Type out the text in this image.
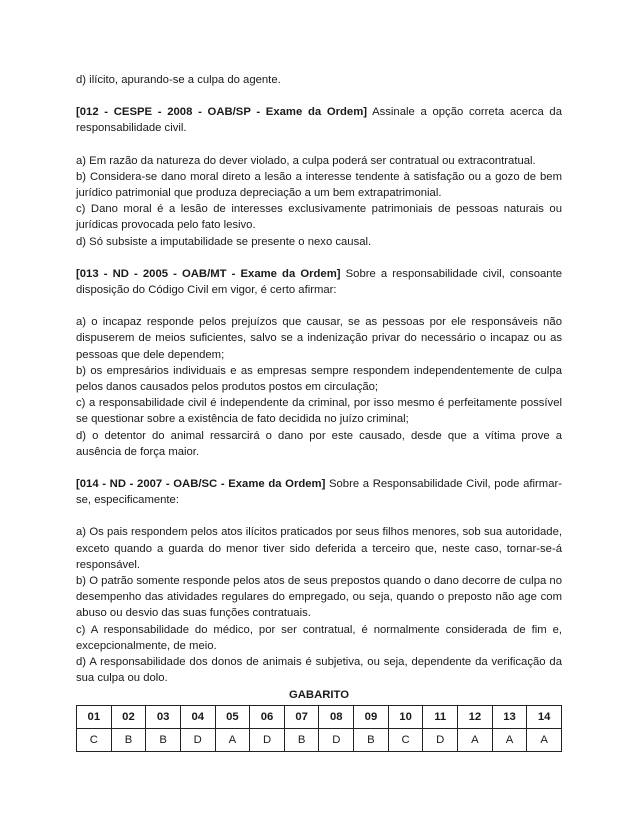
d) ilícito, apurando-se a culpa do agente.

[012 - CESPE - 2008 - OAB/SP - Exame da Ordem] Assinale a opção correta acerca da responsabilidade civil.

a) Em razão da natureza do dever violado, a culpa poderá ser contratual ou extracontratual.

b) Considera-se dano moral direto a lesão a interesse tendente à satisfação ou a gozo de bem jurídico patrimonial que produza depreciação a um bem extrapatrimonial.

c) Dano moral é a lesão de interesses exclusivamente patrimoniais de pessoas naturais ou jurídicas provocada pelo fato lesivo.

d) Só subsiste a imputabilidade se presente o nexo causal.

[013 - ND - 2005 - OAB/MT - Exame da Ordem] Sobre a responsabilidade civil, consoante disposição do Código Civil em vigor, é certo afirmar:

a) o incapaz responde pelos prejuízos que causar, se as pessoas por ele responsáveis não dispuserem de meios suficientes, salvo se a indenização privar do necessário o incapaz ou as pessoas que dele dependem;

b) os empresários individuais e as empresas sempre respondem independentemente de culpa pelos danos causados pelos produtos postos em circulação;

c) a responsabilidade civil é independente da criminal, por isso mesmo é perfeitamente possível se questionar sobre a existência de fato decidida no juízo criminal;

d) o detentor do animal ressarcirá o dano por este causado, desde que a vítima prove a ausência de força maior.

[014 - ND - 2007 - OAB/SC - Exame da Ordem] Sobre a Responsabilidade Civil, pode afirmar-se, especificamente:

a) Os pais respondem pelos atos ilícitos praticados por seus filhos menores, sob sua autoridade, exceto quando a guarda do menor tiver sido deferida a terceiro que, neste caso, tornar-se-á responsável.

b) O patrão somente responde pelos atos de seus prepostos quando o dano decorre de culpa no desempenho das atividades regulares do empregado, ou seja, quando o preposto não age com abuso ou desvio das suas funções contratuais.

c) A responsabilidade do médico, por ser contratual, é normalmente considerada de fim e, excepcionalmente, de meio.

d) A responsabilidade dos donos de animais é subjetiva, ou seja, dependente da verificação da sua culpa ou dolo.

GABARITO
01	02	03	04	05	06	07	08	09	10	11	12	13	14
C	B	B	D	A	D	B	D	B	C	D	A	A	A
